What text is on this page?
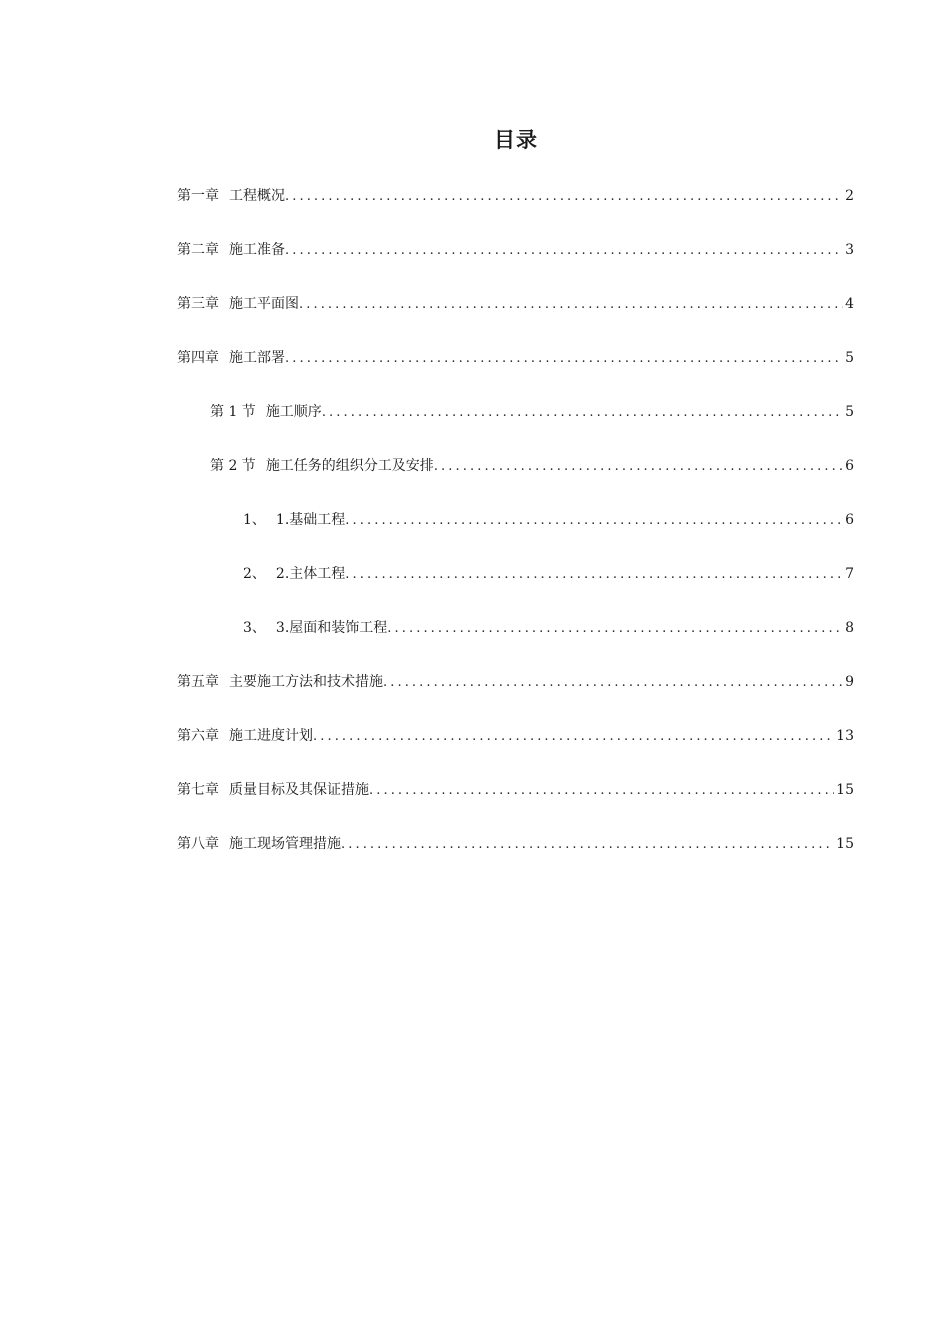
目录
第一章 工程概况 .....	2
第二章 施工准备 .....	3
第三章 施工平面图 .....	4
第四章 施工部署 .....	5
第 1 节 施工顺序 .....	5
第 2 节 施工任务的组织分工及安排 .....	6
1、 1.基础工程 .....	6
2、 2.主体工程 .....	7
3、 3.屋面和装饰工程 .....	8
第五章 主要施工方法和技术措施 .....	9
第六章 施工进度计划 .....	13
第七章 质量目标及其保证措施 .....	15
第八章 施工现场管理措施 .....	15
